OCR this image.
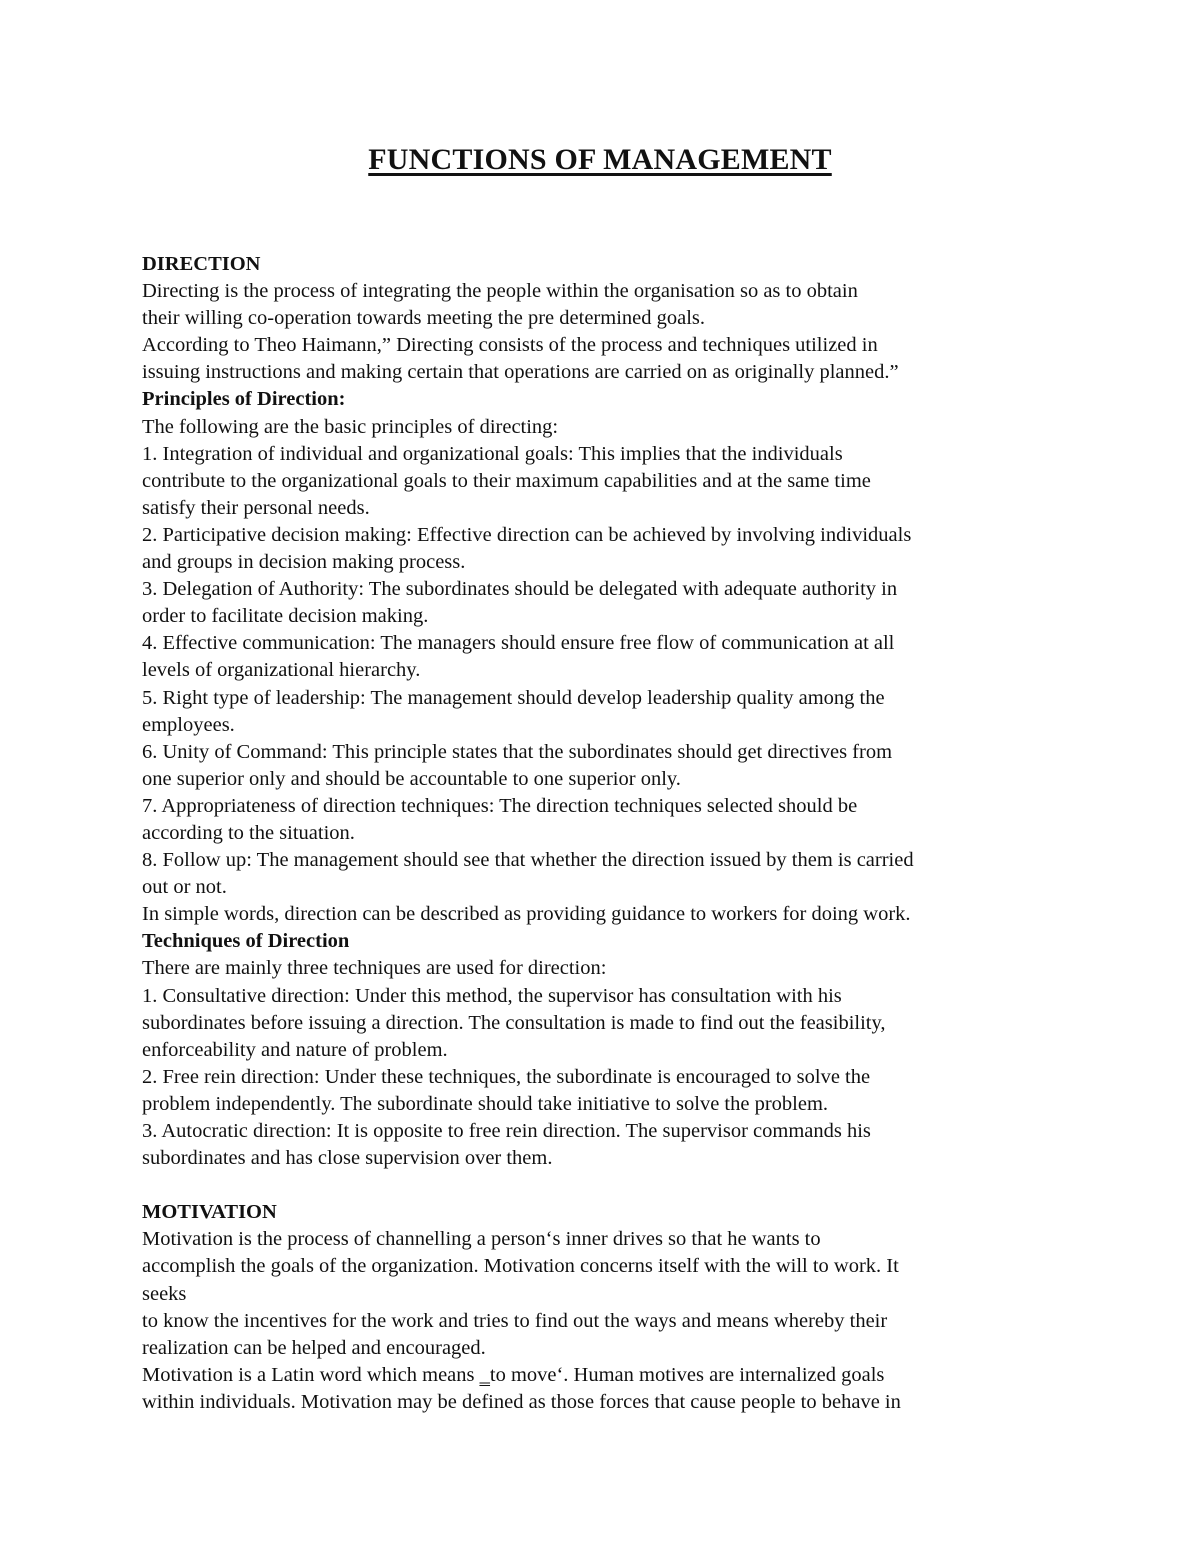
FUNCTIONS OF MANAGEMENT
DIRECTION
Directing is the process of integrating the people within the organisation so as to obtain
their willing co-operation towards meeting the pre determined goals.
According to Theo Haimann,” Directing consists of the process and techniques utilized in
issuing instructions and making certain that operations are carried on as originally planned.”
Principles of Direction:
The following are the basic principles of directing:
1. Integration of individual and organizational goals: This implies that the individuals
contribute to the organizational goals to their maximum capabilities and at the same time
satisfy their personal needs.
2. Participative decision making: Effective direction can be achieved by involving individuals
and groups in decision making process.
3. Delegation of Authority: The subordinates should be delegated with adequate authority in
order to facilitate decision making.
4. Effective communication: The managers should ensure free flow of communication at all
levels of organizational hierarchy.
5. Right type of leadership: The management should develop leadership quality among the
employees.
6. Unity of Command: This principle states that the subordinates should get directives from
one superior only and should be accountable to one superior only.
7. Appropriateness of direction techniques: The direction techniques selected should be
according to the situation.
8. Follow up: The management should see that whether the direction issued by them is carried
out or not.
In simple words, direction can be described as providing guidance to workers for doing work.
Techniques of Direction
There are mainly three techniques are used for direction:
1. Consultative direction: Under this method, the supervisor has consultation with his
subordinates before issuing a direction. The consultation is made to find out the feasibility,
enforceability and nature of problem.
2. Free rein direction: Under these techniques, the subordinate is encouraged to solve the
problem independently. The subordinate should take initiative to solve the problem.
3. Autocratic direction: It is opposite to free rein direction. The supervisor commands his
subordinates and has close supervision over them.
MOTIVATION
Motivation is the process of channelling a person‘s inner drives so that he wants to
accomplish the goals of the organization. Motivation concerns itself with the will to work. It
seeks
to know the incentives for the work and tries to find out the ways and means whereby their
realization can be helped and encouraged.
Motivation is a Latin word which means ‗to move‘. Human motives are internalized goals
within individuals. Motivation may be defined as those forces that cause people to behave in
